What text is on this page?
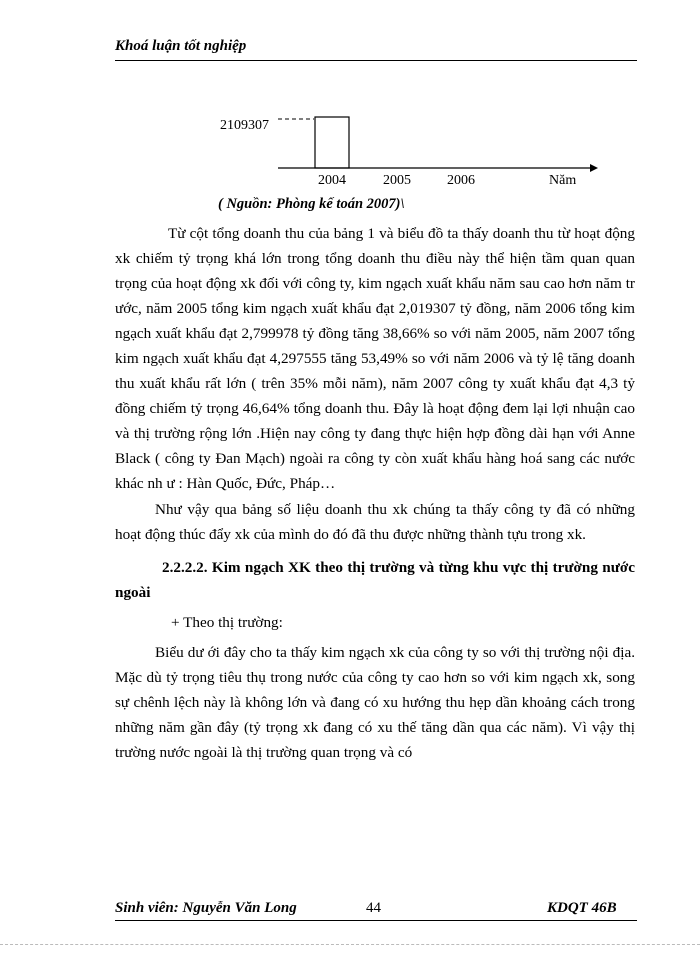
Khoá luận tốt nghiệp
2109307
2004	2005	2006	Năm
( Nguồn: Phòng kế toán 2007)\

Từ cột tổng doanh thu của bảng 1 và biểu đồ ta thấy doanh thu từ hoạt động xk chiếm tỷ trọng khá lớn trong tổng doanh thu điều này thể hiện tầm quan quan trọng của hoạt động xk đối với công ty, kim ngạch xuất khẩu năm sau cao hơn năm tr ước, năm 2005 tổng kim ngạch xuất khẩu đạt 2,019307 tỷ đồng, năm 2006 tổng kim ngạch xuất khẩu đạt 2,799978 tỷ đồng tăng 38,66% so với năm 2005, năm 2007 tổng kim ngạch xuất khẩu đạt 4,297555 tăng 53,49% so với năm 2006 và tỷ lệ tăng doanh thu xuất khẩu rất lớn ( trên 35% mỗi năm), năm 2007 công ty xuất khẩu đạt 4,3 tỷ đồng chiếm tỷ trọng 46,64% tổng doanh thu. Đây là hoạt động đem lại lợi nhuận cao và thị trường rộng lớn .Hiện nay công ty đang thực hiện hợp đồng dài hạn với Anne Black ( công ty Đan Mạch) ngoài ra công ty còn xuất khẩu hàng hoá sang các nước khác nh ư : Hàn Quốc, Đức, Pháp…

Như vậy qua bảng số liệu doanh thu xk chúng ta thấy công ty đã có những hoạt động thúc đẩy xk của mình do đó đã thu được những thành tựu trong xk.

2.2.2.2. Kim ngạch XK theo thị trường và từng khu vực thị trường nước ngoài

+ Theo thị trường:

Biểu dư ới đây cho ta thấy kim ngạch xk của công ty so với thị trường nội địa. Mặc dù tỷ trọng tiêu thụ trong nước của công ty cao hơn so với kim ngạch xk, song sự chênh lệch này là không lớn và đang có xu hướng thu hẹp dần khoảng cách trong những năm gần đây (tỷ trọng xk đang có xu thế tăng dần qua các năm). Vì vậy thị trường nước ngoài là thị trường quan trọng và có

Sinh viên: Nguyễn Văn Long	44	KDQT 46B
